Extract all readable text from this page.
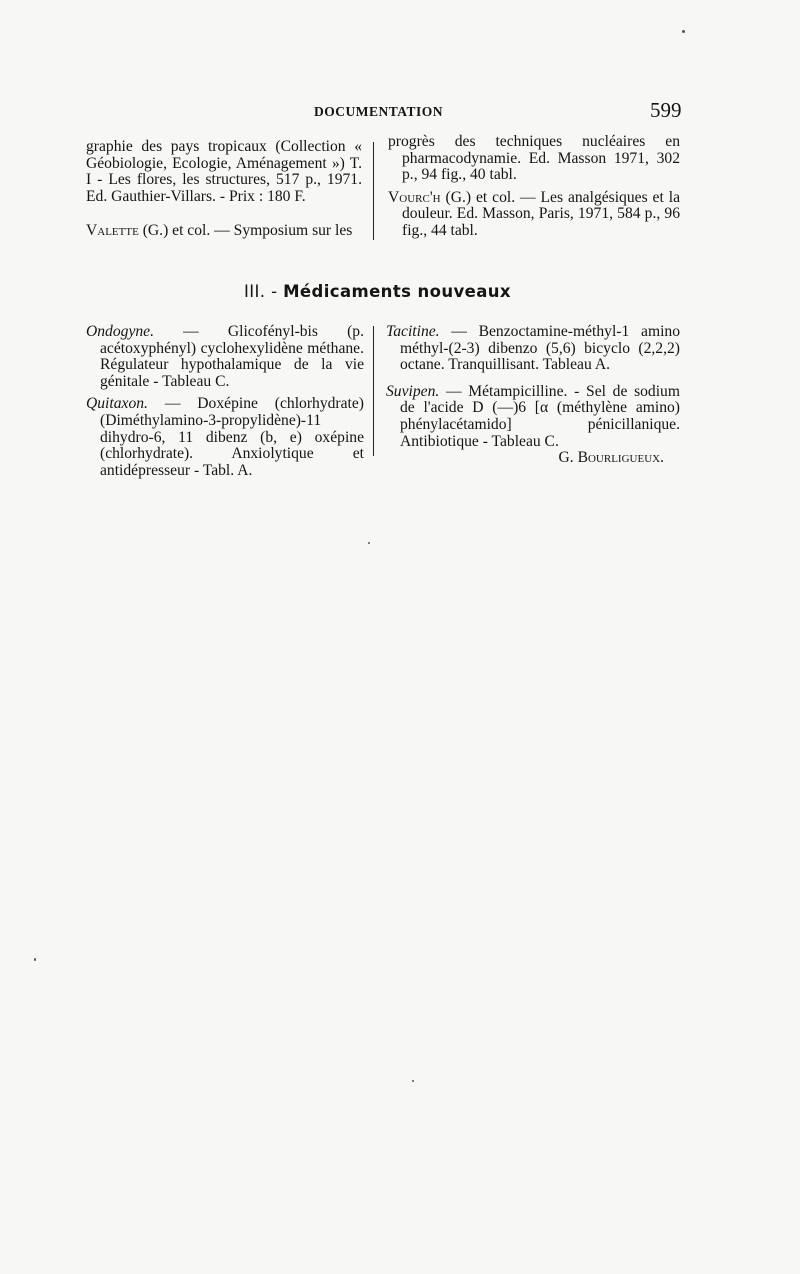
DOCUMENTATION	599

graphie des pays tropicaux (Collection « Géobiologie, Ecologie, Aménagement ») T. I - Les flores, les structures, 517 p., 1971. Ed. Gauthier-Villars. - Prix : 180 F.

Valette (G.) et col. — Symposium sur les

progrès des techniques nucléaires en pharmacodynamie. Ed. Masson 1971, 302 p., 94 fig., 40 tabl.

Vourc'h (G.) et col. — Les analgésiques et la douleur. Ed. Masson, Paris, 1971, 584 p., 96 fig., 44 tabl.

III. - Médicaments nouveaux

Ondogyne. — Glicofényl-bis (p. acétoxyphényl) cyclohexylidène méthane. Régulateur hypothalamique de la vie génitale - Tableau C.

Quitaxon. — Doxépine (chlorhydrate) (Diméthylamino-3-propylidène)-11 dihydro-6, 11 dibenz (b, e) oxépine (chlorhydrate). Anxiolytique et antidépresseur - Tabl. A.

Tacitine. — Benzoctamine-méthyl-1 amino méthyl-(2-3) dibenzo (5,6) bicyclo (2,2,2) octane. Tranquillisant. Tableau A.

Suvipen. — Métampicilline. - Sel de sodium de l'acide D (—)6 [α (méthylène amino) phénylacétamido] pénicillanique. Antibiotique - Tableau C.

G. Bourligueux.
